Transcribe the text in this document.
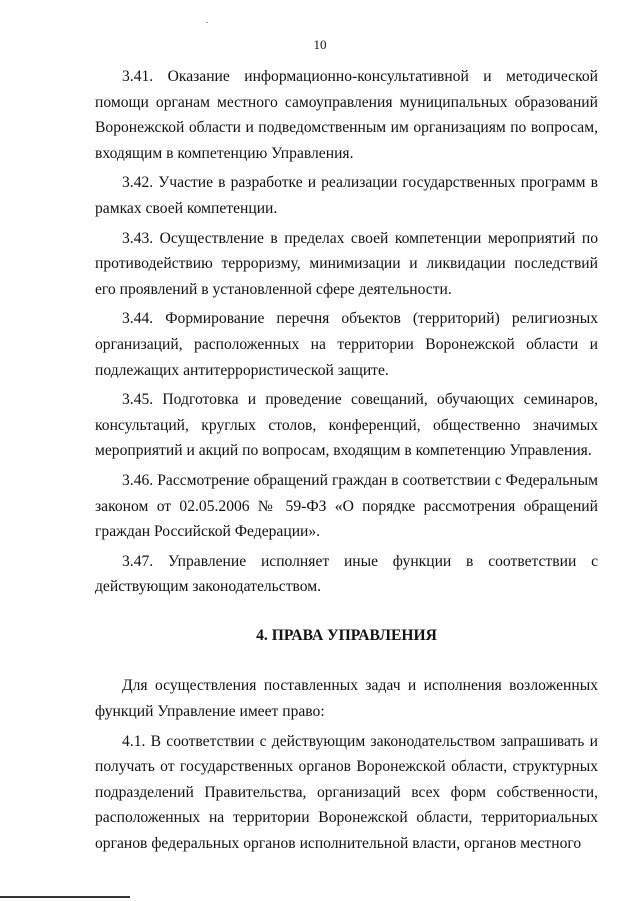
10

3.41. Оказание информационно-консультативной и методической помощи органам местного самоуправления муниципальных образований Воронежской области и подведомственным им организациям по вопросам, входящим в компетенцию Управления.

3.42. Участие в разработке и реализации государственных программ в рамках своей компетенции.

3.43. Осуществление в пределах своей компетенции мероприятий по противодействию терроризму, минимизации и ликвидации последствий его проявлений в установленной сфере деятельности.

3.44. Формирование перечня объектов (территорий) религиозных организаций, расположенных на территории Воронежской области и подлежащих антитеррористической защите.

3.45. Подготовка и проведение совещаний, обучающих семинаров, консультаций, круглых столов, конференций, общественно значимых мероприятий и акций по вопросам, входящим в компетенцию Управления.

3.46. Рассмотрение обращений граждан в соответствии с Федеральным законом от 02.05.2006 № 59-ФЗ «О порядке рассмотрения обращений граждан Российской Федерации».

3.47. Управление исполняет иные функции в соответствии с действующим законодательством.

4. ПРАВА УПРАВЛЕНИЯ

Для осуществления поставленных задач и исполнения возложенных функций Управление имеет право:

4.1. В соответствии с действующим законодательством запрашивать и получать от государственных органов Воронежской области, структурных подразделений Правительства, организаций всех форм собственности, расположенных на территории Воронежской области, территориальных органов федеральных органов исполнительной власти, органов местного
